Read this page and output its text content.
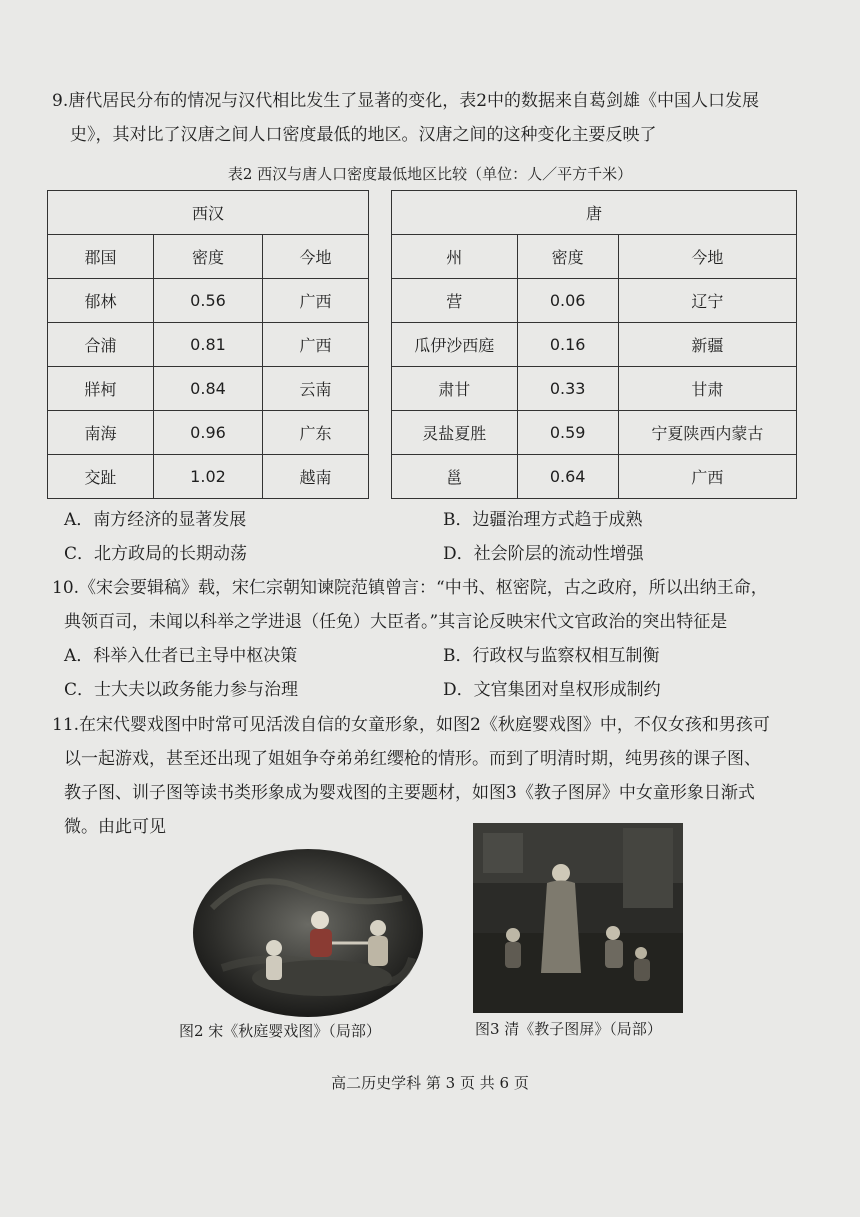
9.唐代居民分布的情况与汉代相比发生了显著的变化，表2中的数据来自葛剑雄《中国人口发展
史》，其对比了汉唐之间人口密度最低的地区。汉唐之间的这种变化主要反映了
表2 西汉与唐人口密度最低地区比较（单位：人／平方千米）
西汉		
郡国	密度	今地
郁林	0.56	广西
合浦	0.81	广西
牂柯	0.84	云南
南海	0.96	广东
交趾	1.02	越南
唐		
州	密度	今地
营	0.06	辽宁
瓜伊沙西庭	0.16	新疆
肃甘	0.33	甘肃
灵盐夏胜	0.59	宁夏陕西内蒙古
邕	0.64	广西
A．南方经济的显著发展	B．边疆治理方式趋于成熟
C．北方政局的长期动荡	D．社会阶层的流动性增强
10.《宋会要辑稿》载，宋仁宗朝知谏院范镇曾言：“中书、枢密院，古之政府，所以出纳王命，
典领百司，未闻以科举之学进退（任免）大臣者。”其言论反映宋代文官政治的突出特征是
A．科举入仕者已主导中枢决策	B．行政权与监察权相互制衡
C．士大夫以政务能力参与治理	D．文官集团对皇权形成制约
11.在宋代婴戏图中时常可见活泼自信的女童形象，如图2《秋庭婴戏图》中，不仅女孩和男孩可
以一起游戏，甚至还出现了姐姐争夺弟弟红缨枪的情形。而到了明清时期，纯男孩的课子图、
教子图、训子图等读书类形象成为婴戏图的主要题材，如图3《教子图屏》中女童形象日渐式
微。由此可见
图2 宋《秋庭婴戏图》（局部）	图3 清《教子图屏》（局部）
高二历史学科 第 3 页 共 6 页
